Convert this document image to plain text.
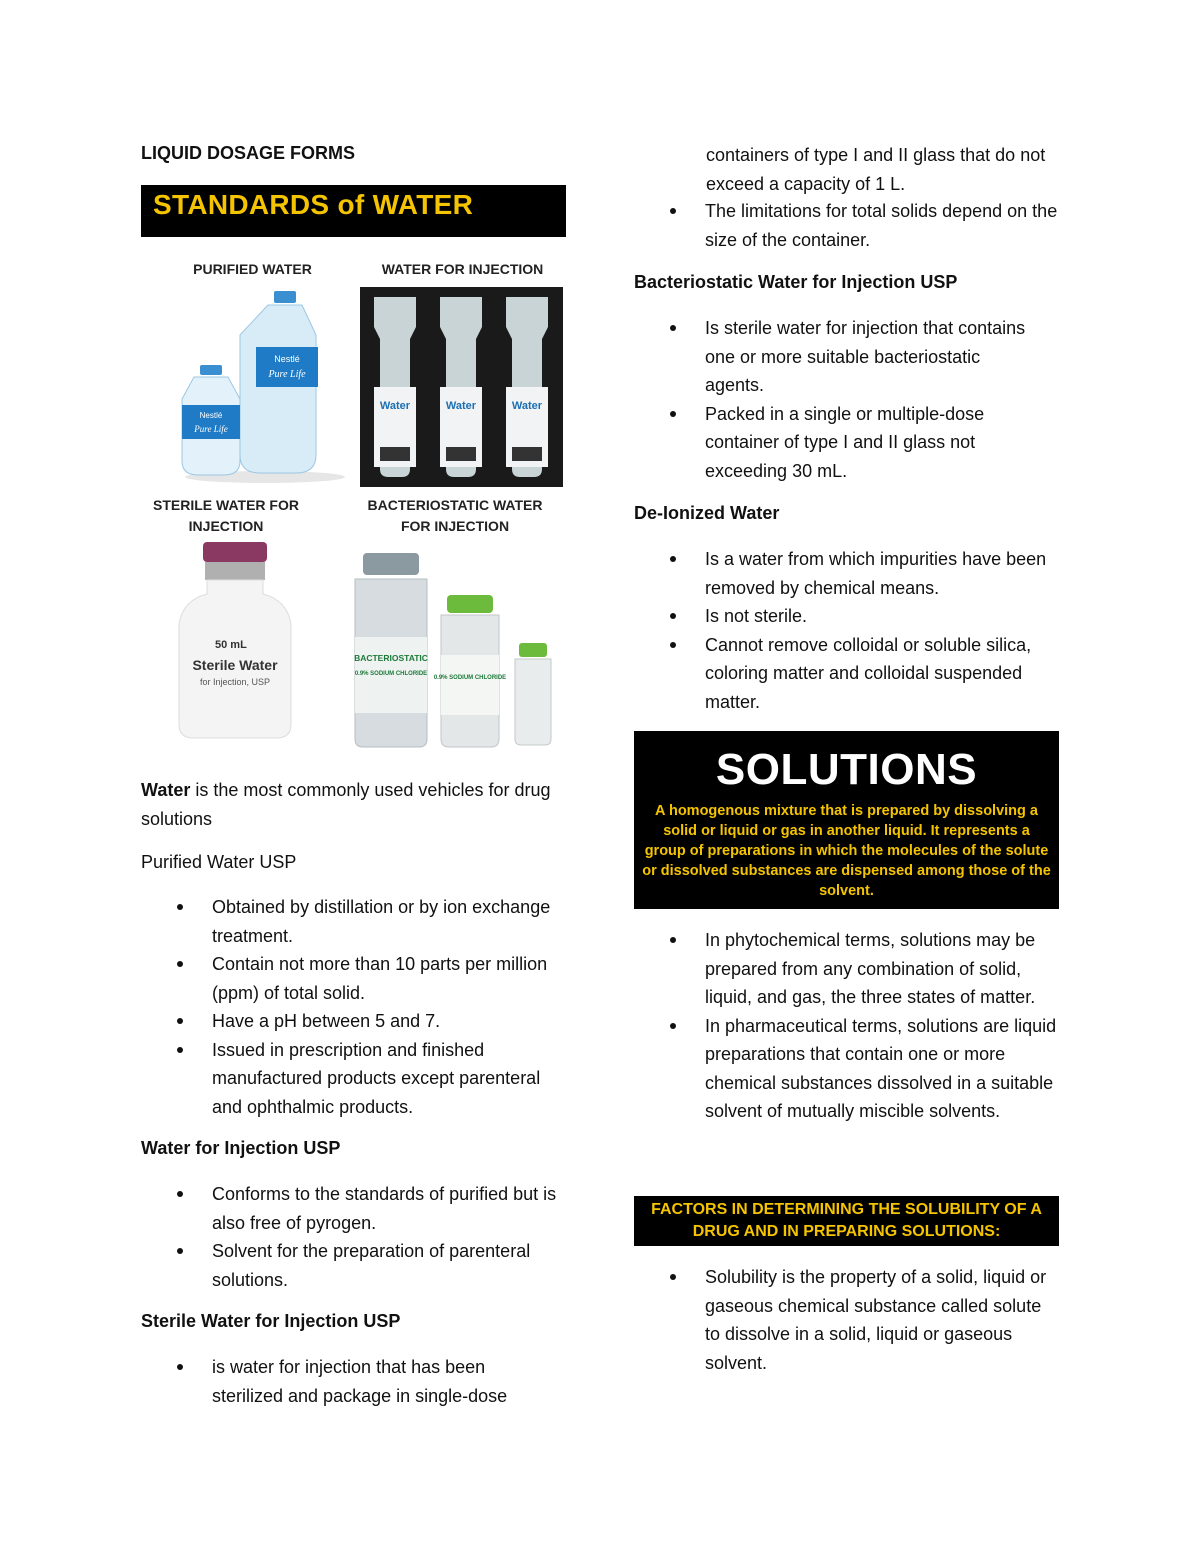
LIQUID DOSAGE FORMS
STANDARDS of WATER
PURIFIED WATER	WATER FOR INJECTION
Nestlé
Pure Life
Nestlé
Pure Life
Water	Water	Water
STERILE WATER FOR
INJECTION
BACTERIOSTATIC WATER
FOR INJECTION
50 mL
Sterile Water
for Injection, USP
BACTERIOSTATIC
0.9% SODIUM CHLORIDE
0.9% SODIUM CHLORIDE

Water is the most commonly used vehicles for drug solutions

Purified Water USP

Obtained by distillation or by ion exchange treatment.
Contain not more than 10 parts per million (ppm) of total solid.
Have a pH between 5 and 7.
Issued in prescription and finished manufactured products except parenteral and ophthalmic products.
Water for Injection USP
Conforms to the standards of purified but is also free of pyrogen.
Solvent for the preparation of parenteral solutions.
Sterile Water for Injection USP
is water for injection that has been sterilized and package in single-dose

containers of type I and II glass that do not exceed a capacity of 1 L.

The limitations for total solids depend on the size of the container.
Bacteriostatic Water for Injection USP
Is sterile water for injection that contains one or more suitable bacteriostatic agents.
Packed in a single or multiple-dose container of type I and II glass not exceeding 30 mL.
De-Ionized Water
Is a water from which impurities have been removed by chemical means.
Is not sterile.
Cannot remove colloidal or soluble silica, coloring matter and colloidal suspended matter.
SOLUTIONS
A homogenous mixture that is prepared by dissolving a solid or liquid or gas in another liquid. It represents a group of preparations in which the molecules of the solute or dissolved substances are dispensed among those of the solvent.
In phytochemical terms, solutions may be prepared from any combination of solid, liquid, and gas, the three states of matter.
In pharmaceutical terms, solutions are liquid preparations that contain one or more chemical substances dissolved in a suitable solvent of mutually miscible solvents.
FACTORS IN DETERMINING THE SOLUBILITY OF A DRUG AND IN PREPARING SOLUTIONS:
Solubility is the property of a solid, liquid or gaseous chemical substance called solute to dissolve in a solid, liquid or gaseous solvent.
